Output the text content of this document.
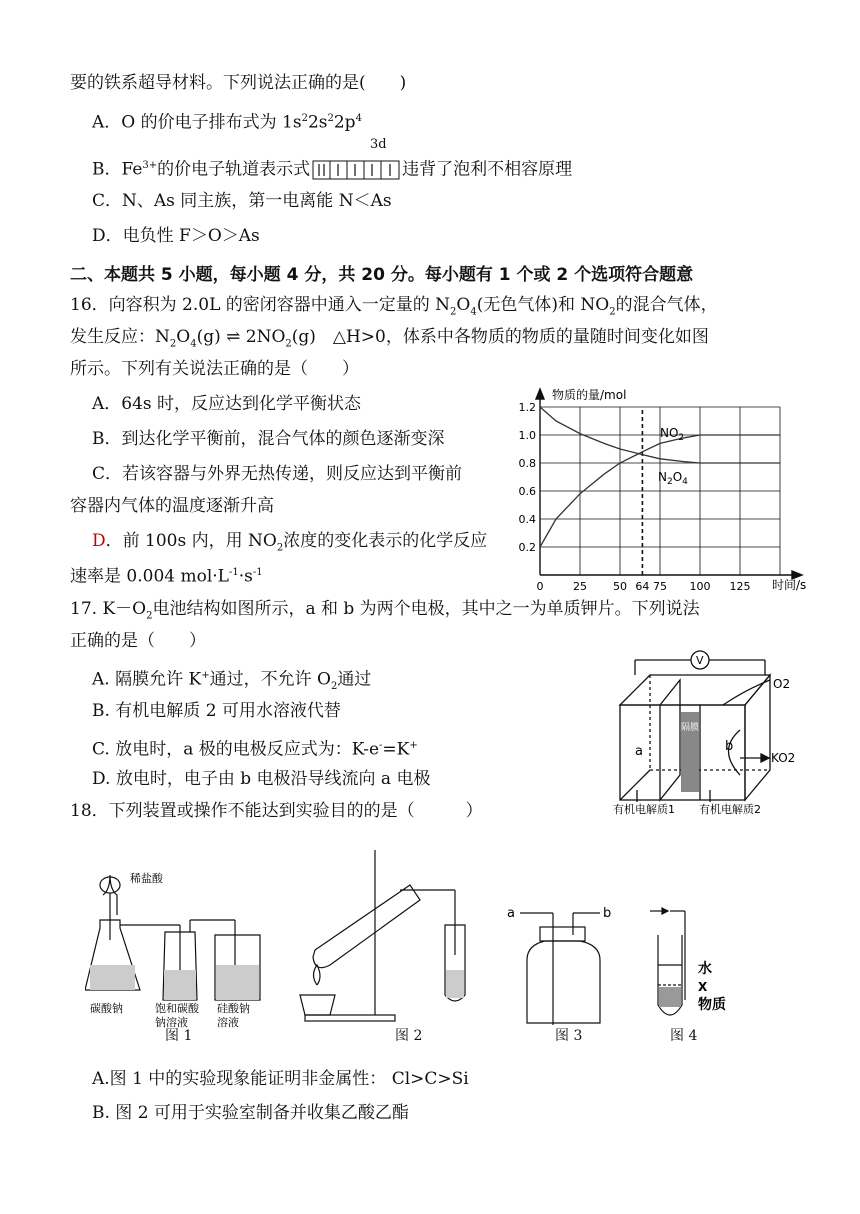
要的铁系超导材料。下列说法正确的是(　　)
A．O 的价电子排布式为 $1s^22s^22p^4$
3d
B．$Fe^{3+}$的价电子轨道表示式	违背了泡利不相容原理
C．N、As 同主族，第一电离能 N＜As
D．电负性 F＞O＞As
二、本题共 5 小题，每小题 4 分，共 20 分。每小题有 1 个或 2 个选项符合题意
16．向容积为 2.0L 的密闭容器中通入一定量的 $N_2O_4$(无色气体)和 $NO_2$的混合气体，
发生反应：$N_2O_4(g)$ ⇌ $2NO_2(g)$　△H>0，体系中各物质的物质的量随时间变化如图
所示。下列有关说法正确的是（　　）
A．64s 时，反应达到化学平衡状态
B．到达化学平衡前，混合气体的颜色逐渐变深
C．若该容器与外界无热传递，则反应达到平衡前
容器内气体的温度逐渐升高
D．前 100s 内，用 $NO_2$浓度的变化表示的化学反应
速率是 0.004 $mol\cdot L^{-1}\cdot s^{-1}$
0	25 50 64 75 100 125
0.2
0.4
0.6
0.8
1.0
1.2
物质的量/mol
时间/s
$NO_2$
$N_2O_4$
17. $K-O_2$电池结构如图所示，a 和 b 为两个电极，其中之一为单质钾片。下列说法
正确的是（　　）
A. 隔膜允许 K+通过，不允许 $O_2$通过
B. 有机电解质 2 可用水溶液代替
C. 放电时，a 极的电极反应式为：K-e-=K+
D. 放电时，电子由 b 电极沿导线流向 a 电极
V
O2
KO2
a	b
隔膜
有机电解质1 有机电解质2
18．下列装置或操作不能达到实验目的的是（　　　）
稀盐酸
碳酸钠	饱和碳酸
钠溶液
硅酸钠
溶液
a	b
水
X
物质
图 1	图 2	图 3	图 4
A.图 1 中的实验现象能证明非金属性： Cl>C>Si
B. 图 2 可用于实验室制备并收集乙酸乙酯
